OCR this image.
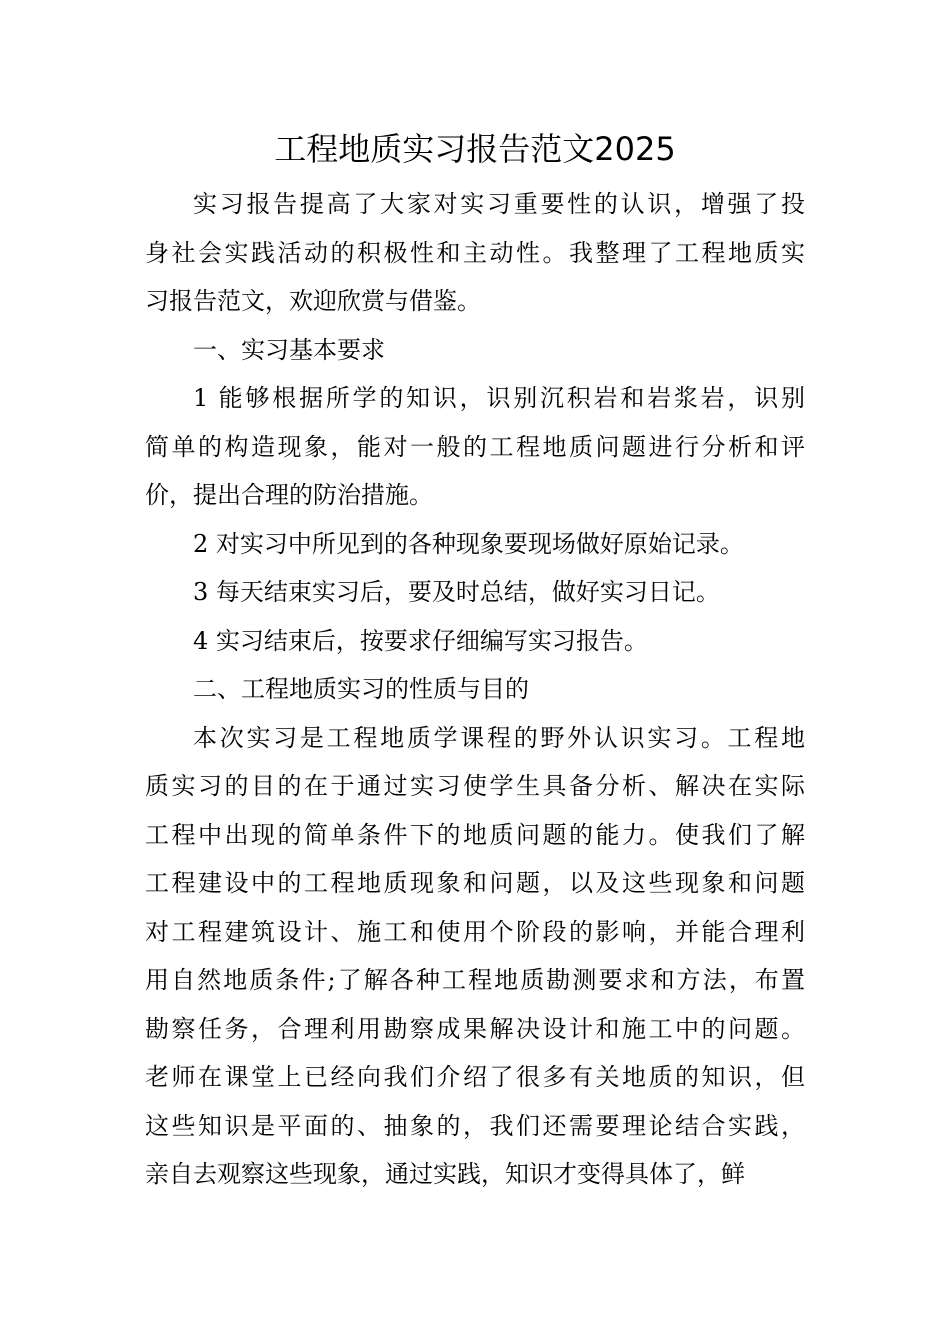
工程地质实习报告范文2025

实习报告提高了大家对实习重要性的认识，增强了投
身社会实践活动的积极性和主动性。我整理了工程地质实
习报告范文，欢迎欣赏与借鉴。

一、实习基本要求

1 能够根据所学的知识，识别沉积岩和岩浆岩，识别
简单的构造现象，能对一般的工程地质问题进行分析和评
价，提出合理的防治措施。

2 对实习中所见到的各种现象要现场做好原始记录。

3 每天结束实习后，要及时总结，做好实习日记。

4 实习结束后，按要求仔细编写实习报告。

二、工程地质实习的性质与目的

本次实习是工程地质学课程的野外认识实习。工程地
质实习的目的在于通过实习使学生具备分析、解决在实际
工程中出现的简单条件下的地质问题的能力。使我们了解
工程建设中的工程地质现象和问题，以及这些现象和问题
对工程建筑设计、施工和使用个阶段的影响，并能合理利
用自然地质条件;了解各种工程地质勘测要求和方法，布置
勘察任务，合理利用勘察成果解决设计和施工中的问题。
老师在课堂上已经向我们介绍了很多有关地质的知识，但
这些知识是平面的、抽象的，我们还需要理论结合实践，
亲自去观察这些现象，通过实践，知识才变得具体了，鲜
